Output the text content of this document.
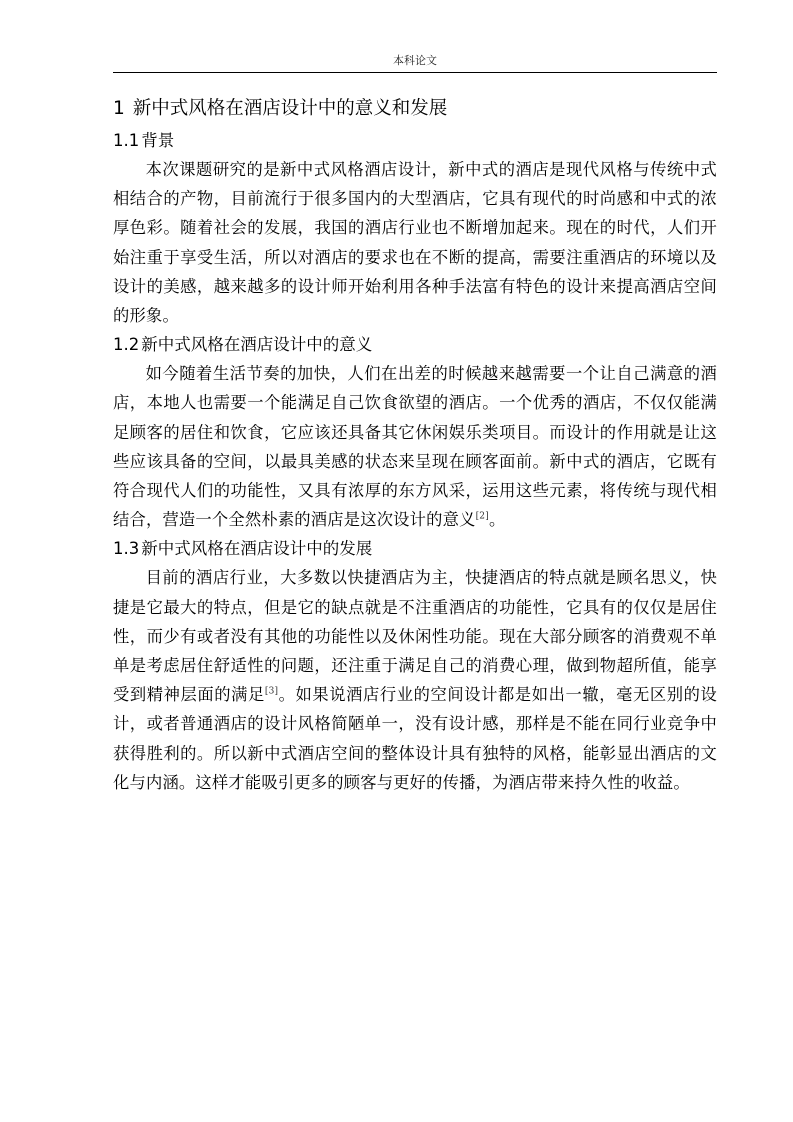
本科论文
1 新中式风格在酒店设计中的意义和发展
1.1 背景

本次课题研究的是新中式风格酒店设计，新中式的酒店是现代风格与传统中式相结合的产物，目前流行于很多国内的大型酒店，它具有现代的时尚感和中式的浓厚色彩。随着社会的发展，我国的酒店行业也不断增加起来。现在的时代，人们开始注重于享受生活，所以对酒店的要求也在不断的提高，需要注重酒店的环境以及设计的美感，越来越多的设计师开始利用各种手法富有特色的设计来提高酒店空间的形象。

1.2 新中式风格在酒店设计中的意义

如今随着生活节奏的加快，人们在出差的时候越来越需要一个让自己满意的酒店，本地人也需要一个能满足自己饮食欲望的酒店。一个优秀的酒店，不仅仅能满足顾客的居住和饮食，它应该还具备其它休闲娱乐类项目。而设计的作用就是让这些应该具备的空间，以最具美感的状态来呈现在顾客面前。新中式的酒店，它既有符合现代人们的功能性，又具有浓厚的东方风采，运用这些元素，将传统与现代相结合，营造一个全然朴素的酒店是这次设计的意义[2]。

1.3 新中式风格在酒店设计中的发展

目前的酒店行业，大多数以快捷酒店为主，快捷酒店的特点就是顾名思义，快捷是它最大的特点，但是它的缺点就是不注重酒店的功能性，它具有的仅仅是居住性，而少有或者没有其他的功能性以及休闲性功能。现在大部分顾客的消费观不单单是考虑居住舒适性的问题，还注重于满足自己的消费心理，做到物超所值，能享受到精神层面的满足[3]。如果说酒店行业的空间设计都是如出一辙，毫无区别的设计，或者普通酒店的设计风格简陋单一，没有设计感，那样是不能在同行业竞争中获得胜利的。所以新中式酒店空间的整体设计具有独特的风格，能彰显出酒店的文化与内涵。这样才能吸引更多的顾客与更好的传播，为酒店带来持久性的收益。
